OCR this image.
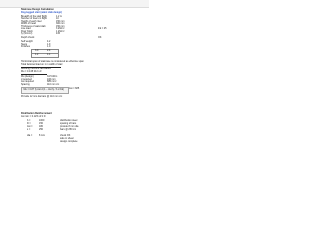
Staircase Design Calculation
Dog-legged stair (waist slab design)
Breadth of the stair flight	1.2 m
Number of risers in flight	10
Height of each riser	150 mm
Width of tread	300 mm
Thickness of waist slab	150 mm
Live load	3 kN/m²	fck = 25
Floor finish	1 kN/m²
fy (N/mm²)	415
Depth check	OK
Self weight	4.2
Steps	1.9
Finishes	1.0
3.0	2.4
1.2	1.1
Horizontal span of staircase is considered as effective span
Total factored load on 1 m width of stair
Bending moment calculation
Mu = 0.138 fck b d²
Mu (design)	34.5 kNm
d required	106 mm
Ast required	685 mm²
Spacing	110 mm c/c
Mu = 0.87 fy Ast d (1 − Ast fy / b d fck) Ast = 685
Provide 12 mm dia bars @ 110 mm c/c
Distribution Reinforcement
Ast min = 0.12% of b D
b =	1000	distribution steel
D =	150	spacing of bars
Ast =	180	provide 8 mm dia
s =	250	bars @ 250 c/c
dia =	8 mm	check OK
safe in shear
design complete
